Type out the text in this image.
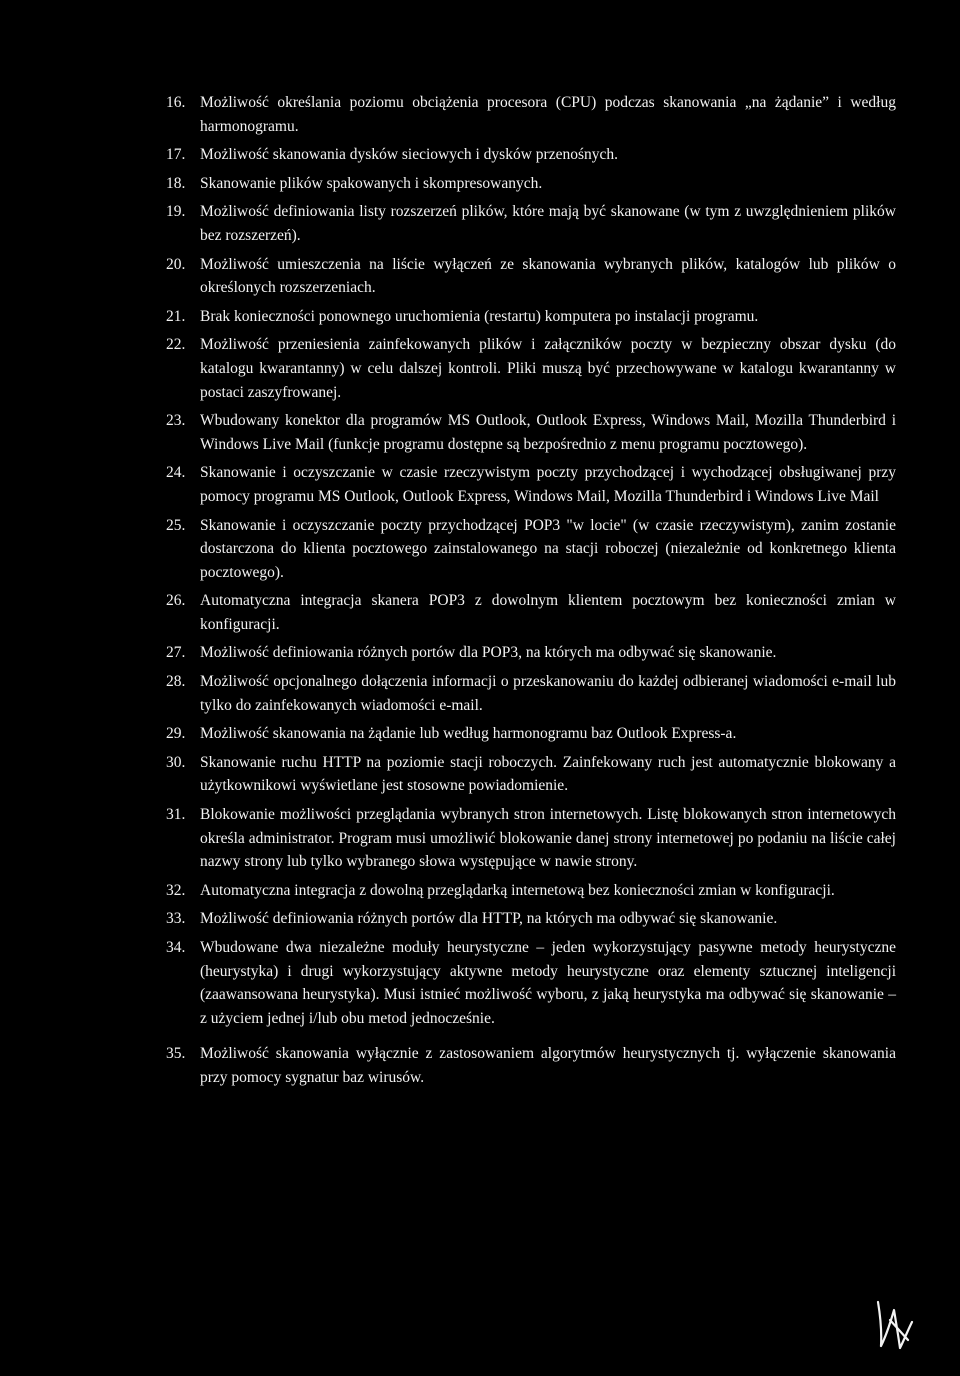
16. Możliwość określania poziomu obciążenia procesora (CPU) podczas skanowania „na żądanie” i według harmonogramu.
17. Możliwość skanowania dysków sieciowych i dysków przenośnych.
18. Skanowanie plików spakowanych i skompresowanych.
19. Możliwość definiowania listy rozszerzeń plików, które mają być skanowane (w tym z uwzględnieniem plików bez rozszerzeń).
20. Możliwość umieszczenia na liście wyłączeń ze skanowania wybranych plików, katalogów lub plików o określonych rozszerzeniach.
21. Brak konieczności ponownego uruchomienia (restartu) komputera po instalacji programu.
22. Możliwość przeniesienia zainfekowanych plików i załączników poczty w bezpieczny obszar dysku (do katalogu kwarantanny) w celu dalszej kontroli. Pliki muszą być przechowywane w katalogu kwarantanny w postaci zaszyfrowanej.
23. Wbudowany konektor dla programów MS Outlook, Outlook Express, Windows Mail, Mozilla Thunderbird i Windows Live Mail (funkcje programu dostępne są bezpośrednio z menu programu pocztowego).
24. Skanowanie i oczyszczanie w czasie rzeczywistym poczty przychodzącej i wychodzącej obsługiwanej przy pomocy programu MS Outlook, Outlook Express, Windows Mail, Mozilla Thunderbird i Windows Live Mail
25. Skanowanie i oczyszczanie poczty przychodzącej POP3 "w locie" (w czasie rzeczywistym), zanim zostanie dostarczona do klienta pocztowego zainstalowanego na stacji roboczej (niezależnie od konkretnego klienta pocztowego).
26. Automatyczna integracja skanera POP3 z dowolnym klientem pocztowym bez konieczności zmian w konfiguracji.
27. Możliwość definiowania różnych portów dla POP3, na których ma odbywać się skanowanie.
28. Możliwość opcjonalnego dołączenia informacji o przeskanowaniu do każdej odbieranej wiadomości e-mail lub tylko do zainfekowanych wiadomości e-mail.
29. Możliwość skanowania na żądanie lub według harmonogramu baz Outlook Express-a.
30. Skanowanie ruchu HTTP na poziomie stacji roboczych. Zainfekowany ruch jest automatycznie blokowany a użytkownikowi wyświetlane jest stosowne powiadomienie.
31. Blokowanie możliwości przeglądania wybranych stron internetowych. Listę blokowanych stron internetowych określa administrator. Program musi umożliwić blokowanie danej strony internetowej po podaniu na liście całej nazwy strony lub tylko wybranego słowa występujące w nawie strony.
32. Automatyczna integracja z dowolną przeglądarką internetową bez konieczności zmian w konfiguracji.
33. Możliwość definiowania różnych portów dla HTTP, na których ma odbywać się skanowanie.
34. Wbudowane dwa niezależne moduły heurystyczne – jeden wykorzystujący pasywne metody heurystyczne (heurystyka) i drugi wykorzystujący aktywne metody heurystyczne oraz elementy sztucznej inteligencji (zaawansowana heurystyka). Musi istnieć możliwość wyboru, z jaką heurystyka ma odbywać się skanowanie – z użyciem jednej i/lub obu metod jednocześnie.
35. Możliwość skanowania wyłącznie z zastosowaniem algorytmów heurystycznych tj. wyłączenie skanowania przy pomocy sygnatur baz wirusów.
